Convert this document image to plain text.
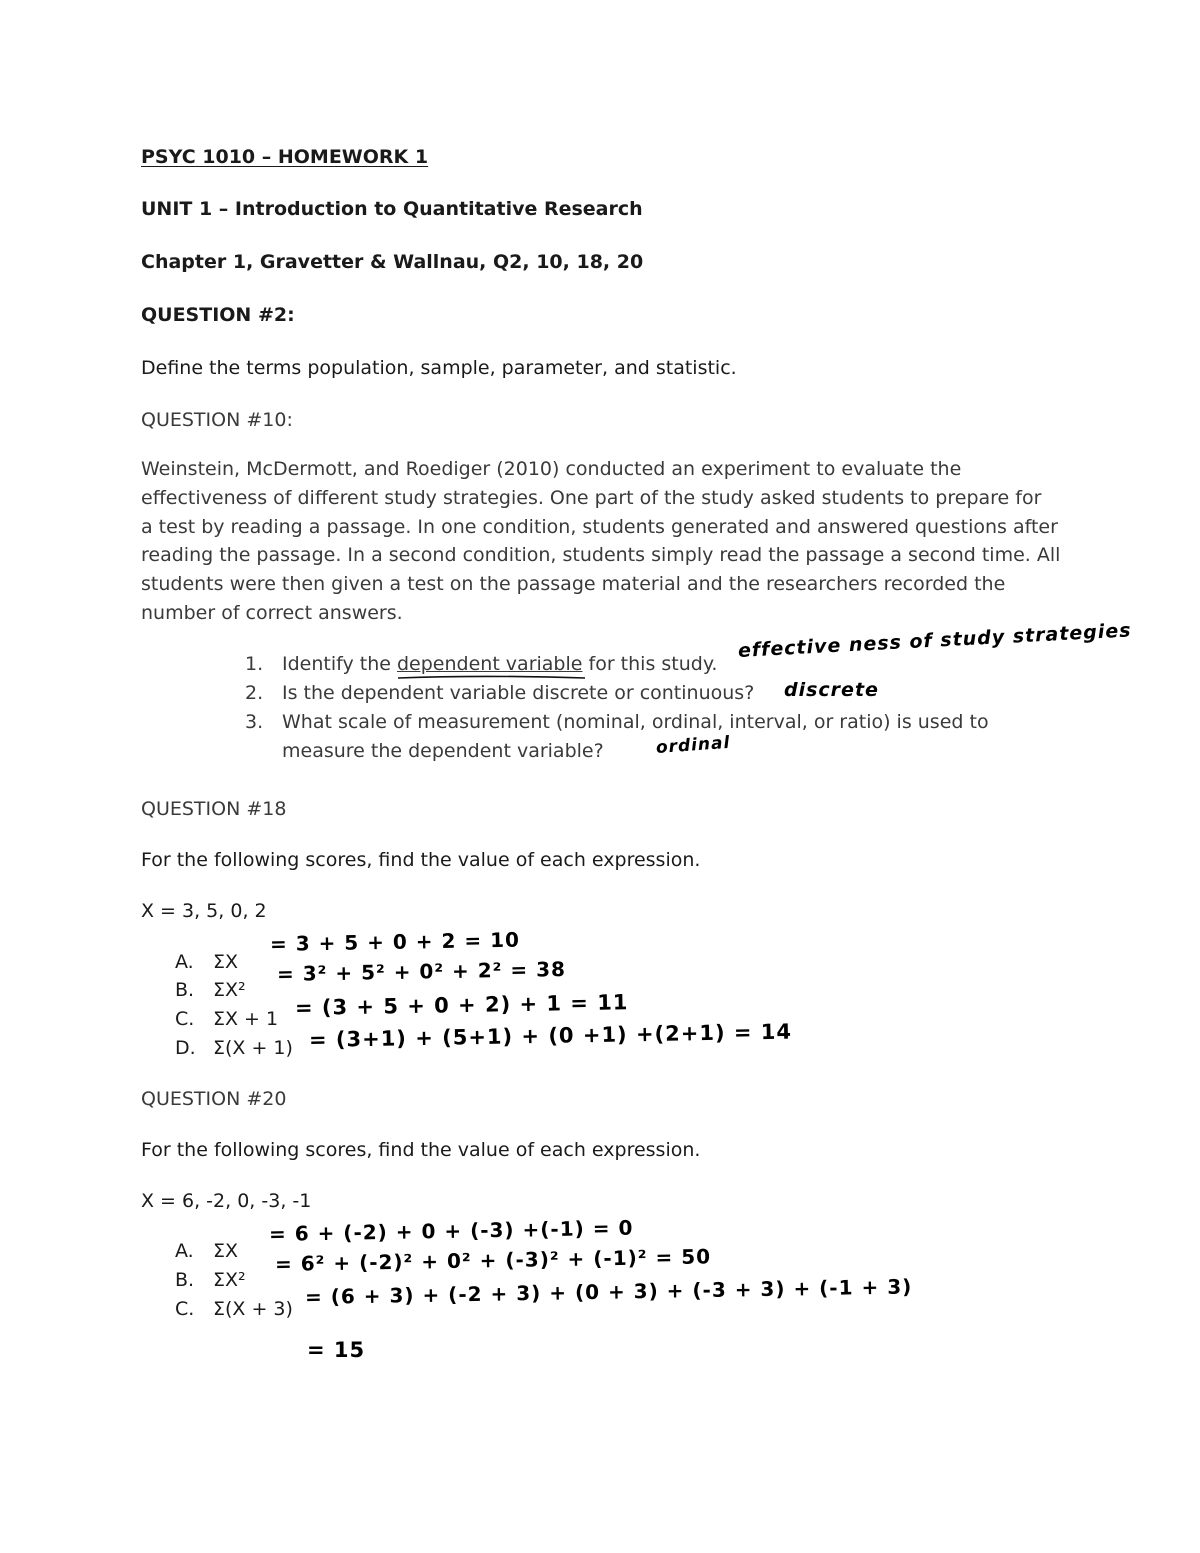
PSYC 1010 – HOMEWORK 1
UNIT 1 – Introduction to Quantitative Research
Chapter 1, Gravetter & Wallnau, Q2, 10, 18, 20
QUESTION #2:
Define the terms population, sample, parameter, and statistic.
QUESTION #10:
Weinstein, McDermott, and Roediger (2010) conducted an experiment to evaluate the
effectiveness of different study strategies. One part of the study asked students to prepare for
a test by reading a passage. In one condition, students generated and answered questions after
reading the passage. In a second condition, students simply read the passage a second time. All
students were then given a test on the passage material and the researchers recorded the
number of correct answers.
1. Identify the dependent variable for this study.
2. Is the dependent variable discrete or continuous?
3. What scale of measurement (nominal, ordinal, interval, or ratio) is used to
measure the dependent variable?
effective ness of study strategies
discrete
ordinal
QUESTION #18
For the following scores, find the value of each expression.
X = 3, 5, 0, 2
A.	ΣX
B. ΣX²
C. ΣX + 1
D. Σ(X + 1)
= 3 + 5 + 0 + 2 = 10
= 3² + 5² + 0² + 2² = 38
= (3 + 5 + 0 + 2) + 1 = 11
= (3+1) + (5+1) + (0 +1) +(2+1) = 14
QUESTION #20
For the following scores, find the value of each expression.
X = 6, -2, 0, -3, -1
A.	ΣX
B. ΣX²
C. Σ(X + 3)
= 6 + (-2) + 0 + (-3) +(-1) = 0
= 6² + (-2)² + 0² + (-3)² + (-1)² = 50
= (6 + 3) + (-2 + 3) + (0 + 3) + (-3 + 3) + (-1 + 3)
= 15
